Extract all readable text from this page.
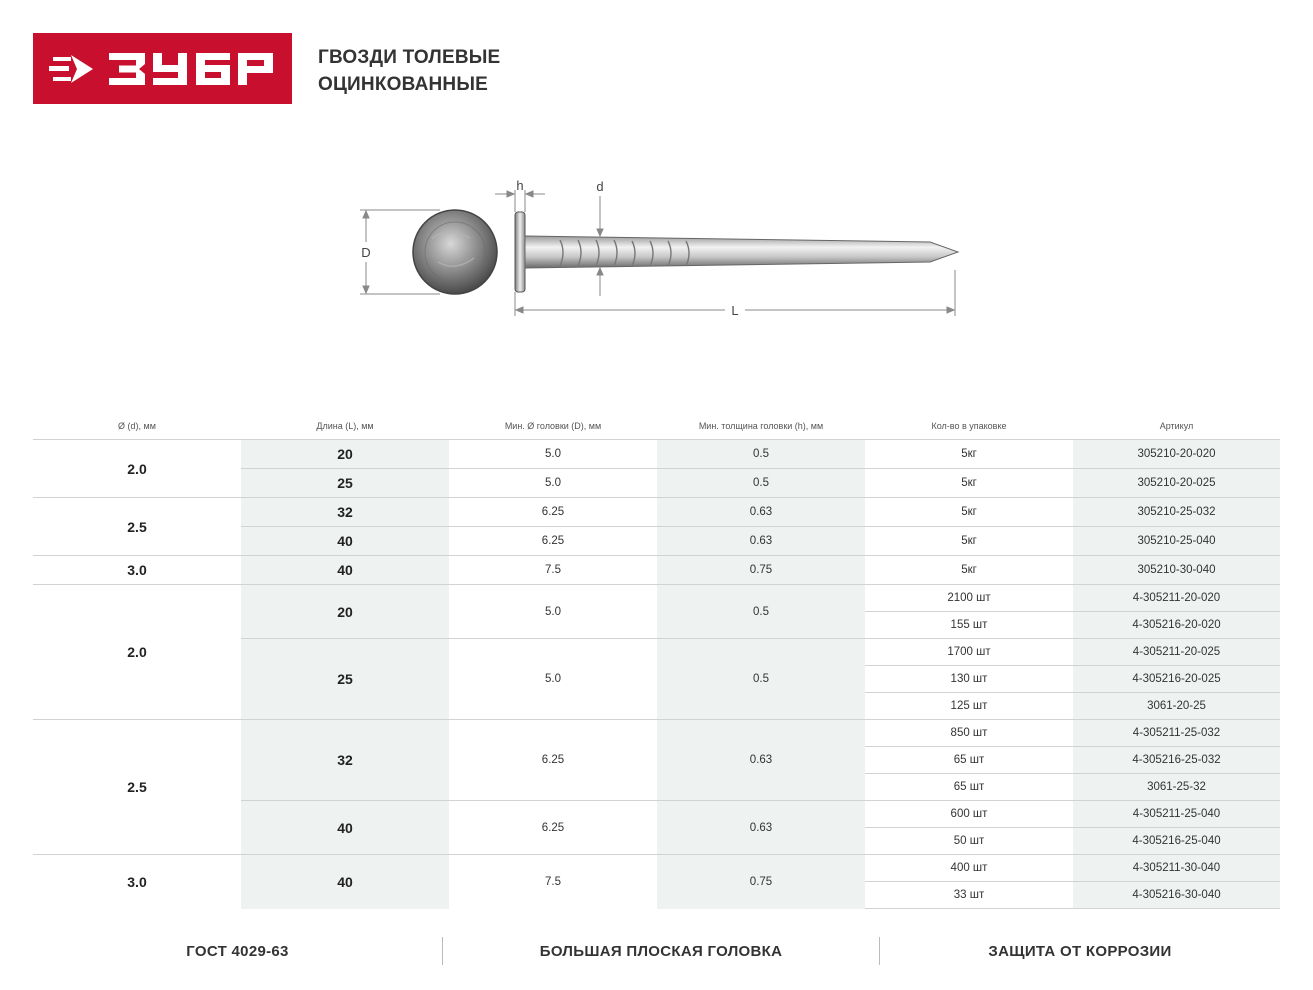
ГВОЗДИ ТОЛЕВЫЕ
ОЦИНКОВАННЫЕ
D
h	d
L
Ø (d), мм	Длина (L), мм	Мин. Ø головки (D), мм	Мин. толщина головки (h), мм	Кол-во в упаковке	Артикул
2.0	20	5.0	0.5	5кг	305210-20-020
	25	5.0	0.5	5кг	305210-20-025
2.5	32	6.25	0.63	5кг	305210-25-032
	40	6.25	0.63	5кг	305210-25-040
3.0	40	7.5	0.75	5кг	305210-30-040
2.0	20	5.0	0.5	2100 шт	4-305211-20-020
				155 шт	4-305216-20-020
	25	5.0	0.5	1700 шт	4-305211-20-025
				130 шт	4-305216-20-025
				125 шт	3061-20-25
2.5	32	6.25	0.63	850 шт	4-305211-25-032
				65 шт	4-305216-25-032
				65 шт	3061-25-32
	40	6.25	0.63	600 шт	4-305211-25-040
				50 шт	4-305216-25-040
3.0	40	7.5	0.75	400 шт	4-305211-30-040
				33 шт	4-305216-30-040
ГОСТ 4029-63	БОЛЬШАЯ ПЛОСКАЯ ГОЛОВКА	ЗАЩИТА ОТ КОРРОЗИИ
